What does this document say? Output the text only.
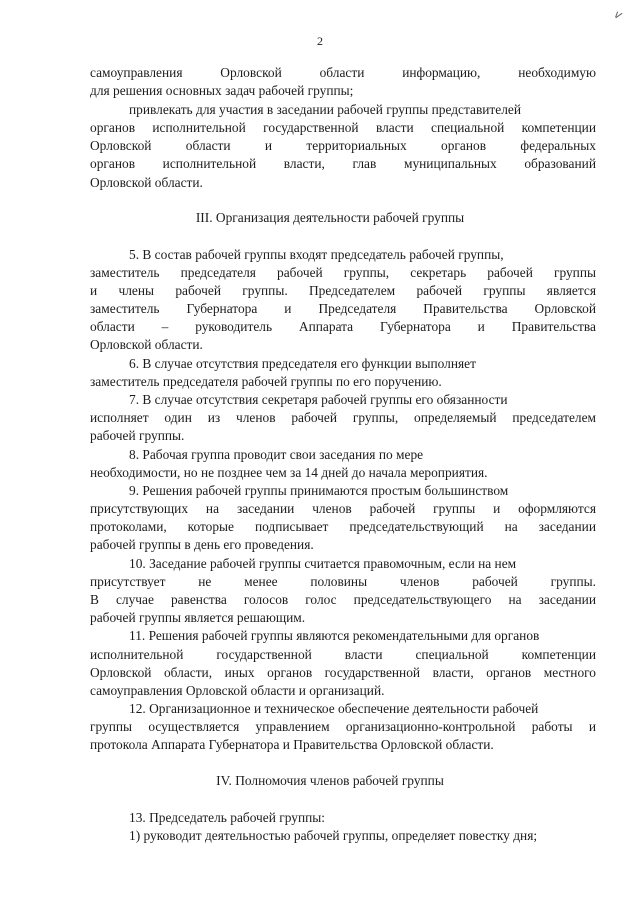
2
самоуправления Орловской области информацию, необходимую
для решения основных задач рабочей группы;
привлекать для участия в заседании рабочей группы представителей
органов исполнительной государственной власти специальной компетенции
Орловской области и территориальных органов федеральных
органов исполнительной власти, глав муниципальных образований
Орловской области.
III. Организация деятельности рабочей группы
5. В состав рабочей группы входят председатель рабочей группы,
заместитель председателя рабочей группы, секретарь рабочей группы
и члены рабочей группы. Председателем рабочей группы является
заместитель Губернатора и Председателя Правительства Орловской
области – руководитель Аппарата Губернатора и Правительства
Орловской области.
6. В случае отсутствия председателя его функции выполняет
заместитель председателя рабочей группы по его поручению.
7. В случае отсутствия секретаря рабочей группы его обязанности
исполняет один из членов рабочей группы, определяемый председателем
рабочей группы.
8. Рабочая группа проводит свои заседания по мере
необходимости, но не позднее чем за 14 дней до начала мероприятия.
9. Решения рабочей группы принимаются простым большинством
присутствующих на заседании членов рабочей группы и оформляются
протоколами, которые подписывает председательствующий на заседании
рабочей группы в день его проведения.
10. Заседание рабочей группы считается правомочным, если на нем
присутствует не менее половины членов рабочей группы.
В случае равенства голосов голос председательствующего на заседании
рабочей группы является решающим.
11. Решения рабочей группы являются рекомендательными для органов
исполнительной государственной власти специальной компетенции
Орловской области, иных органов государственной власти, органов местного
самоуправления Орловской области и организаций.
12. Организационное и техническое обеспечение деятельности рабочей
группы осуществляется управлением организационно-контрольной работы и
протокола Аппарата Губернатора и Правительства Орловской области.
IV. Полномочия членов рабочей группы
13. Председатель рабочей группы:
1) руководит деятельностью рабочей группы, определяет повестку дня;
